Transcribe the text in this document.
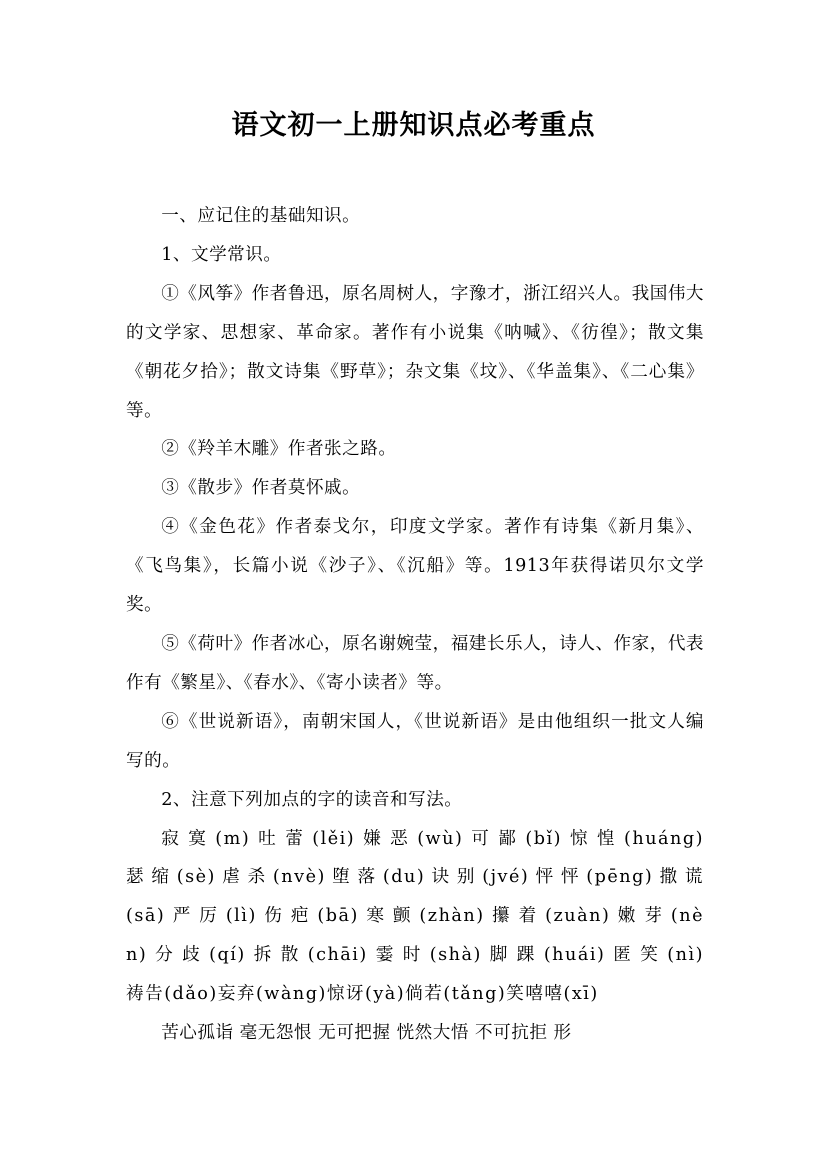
语文初一上册知识点必考重点

一、应记住的基础知识。

1、文学常识。

①《风筝》作者鲁迅，原名周树人，字豫才，浙江绍兴人。我国伟大的文学家、思想家、革命家。著作有小说集《呐喊》、《彷徨》；散文集《朝花夕拾》；散文诗集《野草》；杂文集《坟》、《华盖集》、《二心集》等。

②《羚羊木雕》作者张之路。

③《散步》作者莫怀戚。

④《金色花》作者泰戈尔，印度文学家。著作有诗集《新月集》、《飞鸟集》，长篇小说《沙子》、《沉船》等。1913年获得诺贝尔文学奖。

⑤《荷叶》作者冰心，原名谢婉莹，福建长乐人，诗人、作家，代表作有《繁星》、《春水》、《寄小读者》等。

⑥《世说新语》，南朝宋国人，《世说新语》是由他组织一批文人编写的。

2、注意下列加点的字的读音和写法。

寂寞(m)吐蕾(lěi)嫌恶(wù)可鄙(bǐ)惊惶(huáng)

瑟缩(sè)虐杀(nvè)堕落(du)诀别(jvé)怦怦(pēng)撒谎

(sā)严厉(lì)伤疤(bā)寒颤(zhàn)攥着(zuàn)嫩芽(nè

n)分歧(qí)拆散(chāi)霎时(shà)脚踝(huái)匿笑(nì)

祷告(dǎo)妄弃(wàng)惊讶(yà)倘若(tǎng)笑嘻嘻(xī)

苦心孤诣 毫无怨恨 无可把握 恍然大悟 不可抗拒 形
